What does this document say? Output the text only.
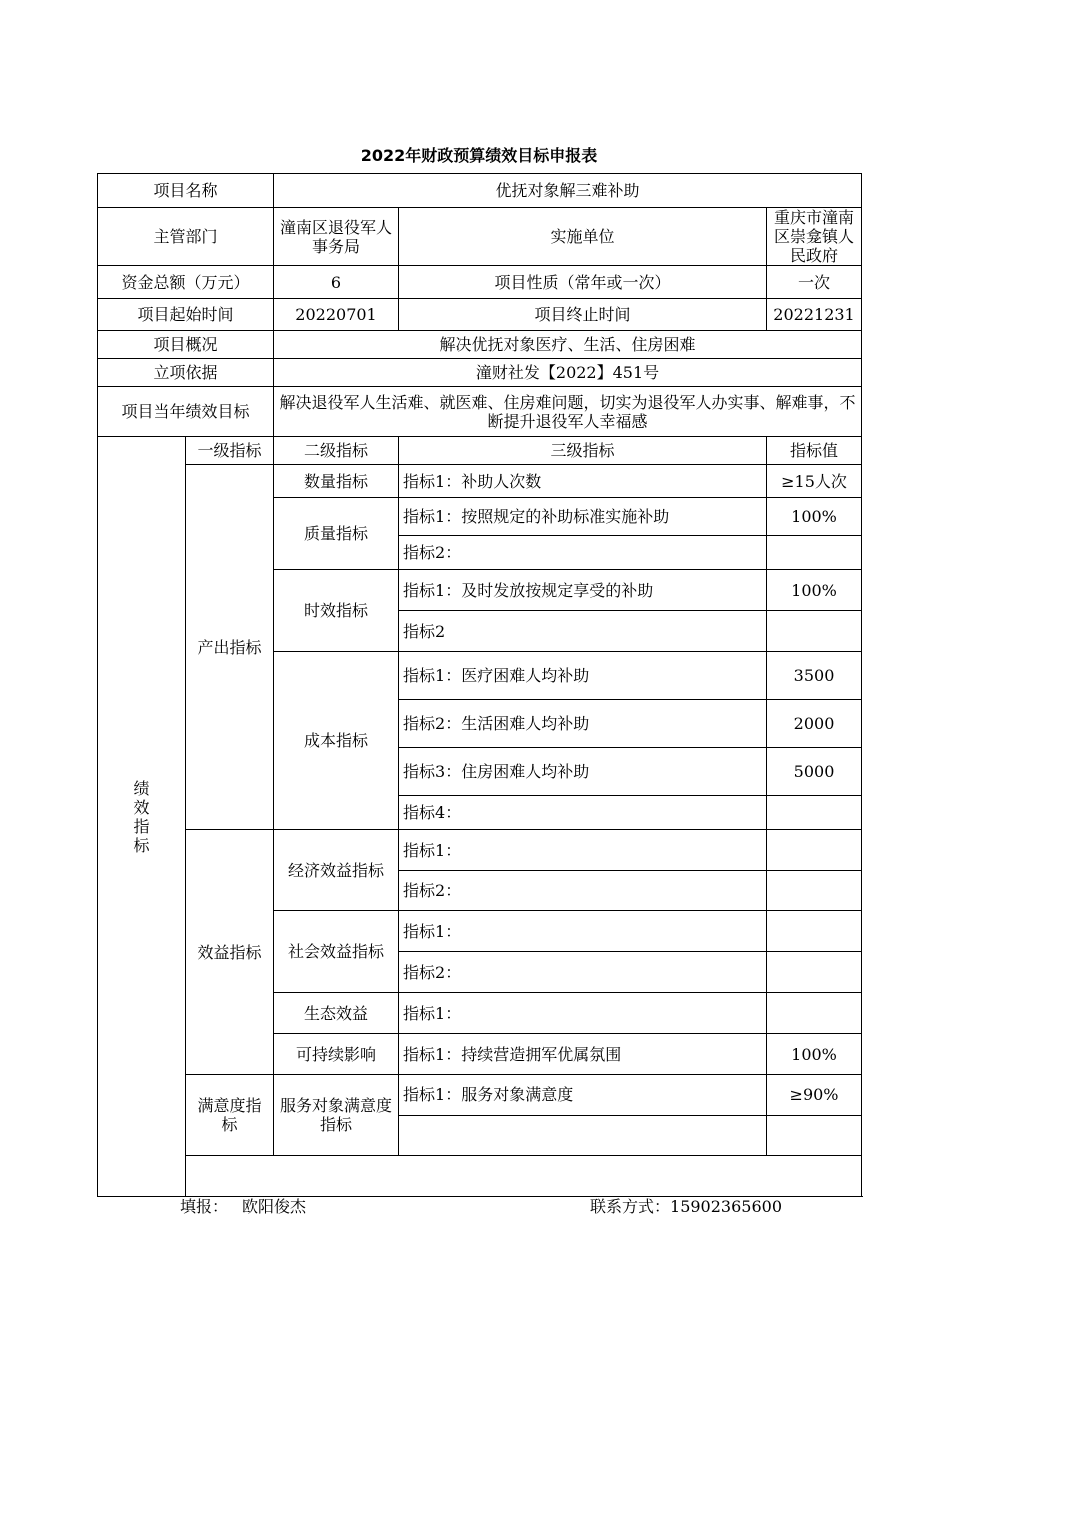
2022年财政预算绩效目标申报表
项目名称		优抚对象解三难补助		
主管部门		潼南区退役军人事务局	实施单位	重庆市潼南区崇龛镇人民政府
资金总额（万元）		6	项目性质（常年或一次）	一次
项目起始时间		20220701	项目终止时间	20221231
项目概况		解决优抚对象医疗、生活、住房困难		
立项依据		潼财社发【2022】451号		
项目当年绩效目标		解决退役军人生活难、就医难、住房难问题，切实为退役军人办实事、解难事，不断提升退役军人幸福感		
绩效指标	一级指标	二级指标	三级指标	指标值
	产出指标	数量指标	指标1：补助人次数	≥15人次
		质量指标	指标1：按照规定的补助标准实施补助	100%
			指标2：	
		时效指标	指标1：及时发放按规定享受的补助	100%
			指标2	
		成本指标	指标1：医疗困难人均补助	3500
			指标2：生活困难人均补助	2000
			指标3：住房困难人均补助	5000
			指标4：	
	效益指标	经济效益指标	指标1：	
			指标2：	
		社会效益指标	指标1：	
			指标2：	
		生态效益	指标1：	
		可持续影响	指标1：持续营造拥军优属氛围	100%
	满意度指标	服务对象满意度指标	指标1：服务对象满意度	≥90%

填报： 欧阳俊杰	联系方式：15902365600
